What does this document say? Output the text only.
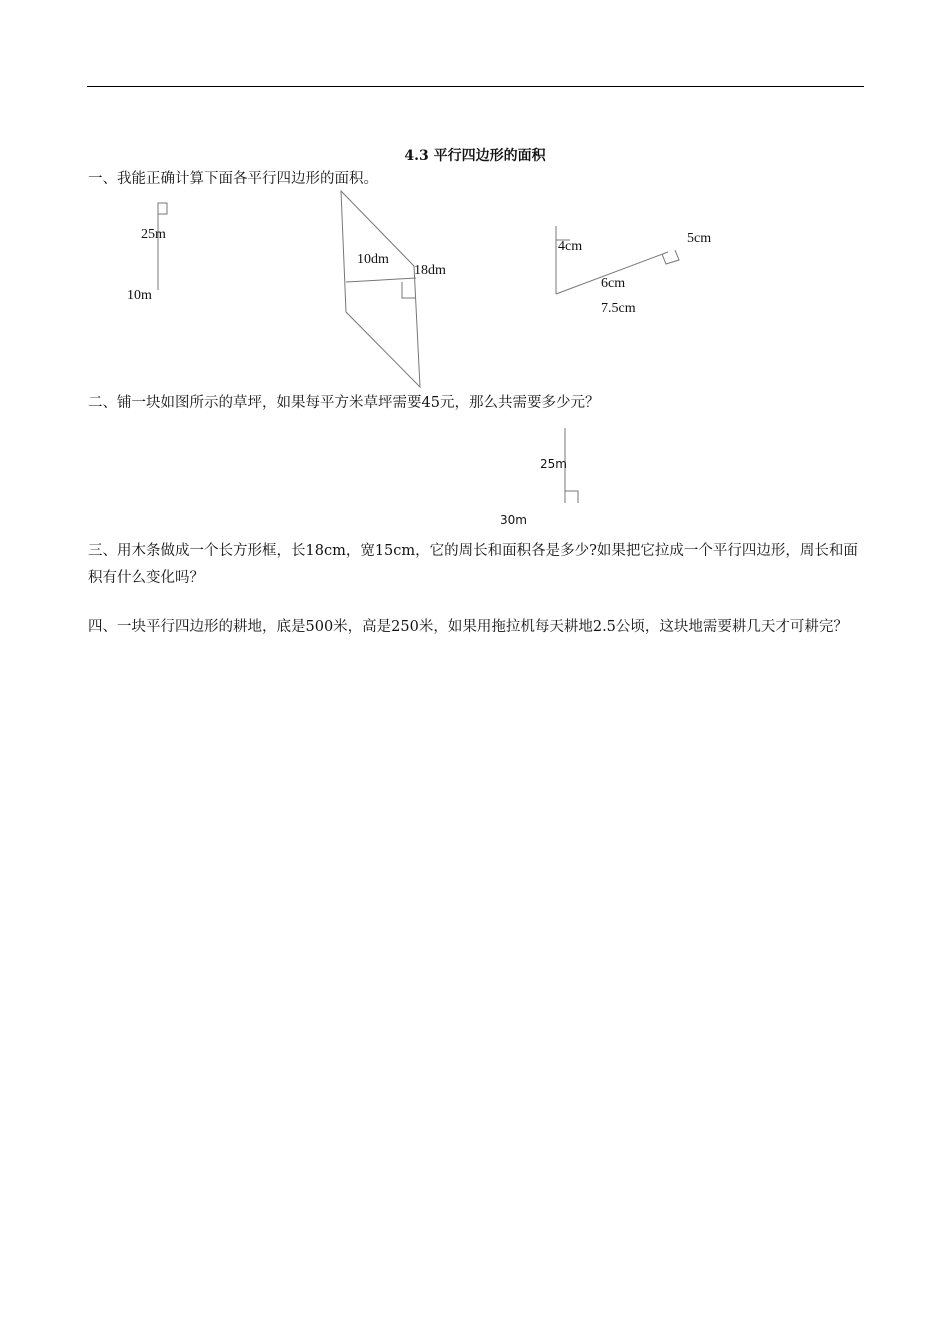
4.3 平行四边形的面积
一、我能正确计算下面各平行四边形的面积。
25m
10m
10dm
18dm
4cm
5cm
6cm
7.5cm
二、铺一块如图所示的草坪，如果每平方米草坪需要45元，那么共需要多少元？
25m
30m
三、用木条做成一个长方形框，长18cm，宽15cm，它的周长和面积各是多少?如果把它拉成一个平行四边形，周长和面积有什么变化吗？
四、一块平行四边形的耕地，底是500米，高是250米，如果用拖拉机每天耕地2.5公顷，这块地需要耕几天才可耕完？
